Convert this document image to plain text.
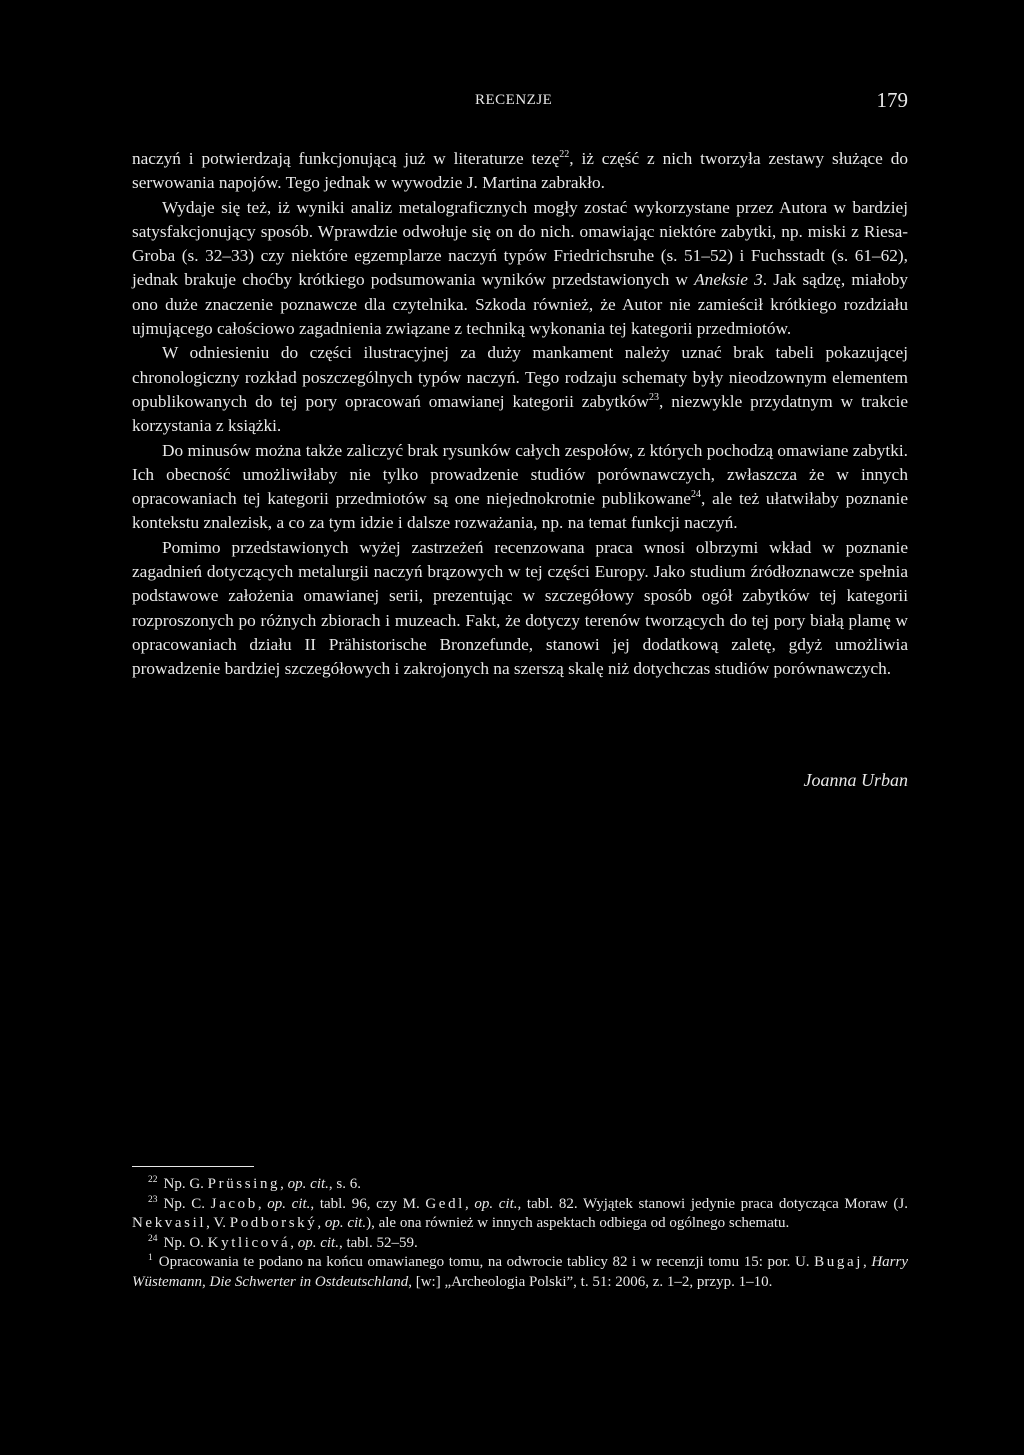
RECENZJE	179

naczyń i potwierdzają funkcjonującą już w literaturze tezę$^{22}$, iż część z nich tworzyła zestawy służące do serwowania napojów. Tego jednak w wywodzie J. Martina zabrakło.

Wydaje się też, iż wyniki analiz metalograficznych mogły zostać wykorzystane przez Autora w bardziej satysfakcjonujący sposób. Wprawdzie odwołuje się on do nich. omawiając niektóre zabytki, np. miski z Riesa-Groba (s. 32–33) czy niektóre egzemplarze naczyń typów Friedrichsruhe (s. 51–52) i Fuchsstadt (s. 61–62), jednak brakuje choćby krótkiego podsumowania wyników przedstawionych w Aneksie 3. Jak sądzę, miałoby ono duże znaczenie poznawcze dla czytelnika. Szkoda również, że Autor nie zamieścił krótkiego rozdziału ujmującego całościowo zagadnienia związane z techniką wykonania tej kategorii przedmiotów.

W odniesieniu do części ilustracyjnej za duży mankament należy uznać brak tabeli pokazującej chronologiczny rozkład poszczególnych typów naczyń. Tego rodzaju schematy były nieodzownym elementem opublikowanych do tej pory opracowań omawianej kategorii zabytków$^{23}$, niezwykle przydatnym w trakcie korzystania z książki.

Do minusów można także zaliczyć brak rysunków całych zespołów, z których pochodzą omawiane zabytki. Ich obecność umożliwiłaby nie tylko prowadzenie studiów porównawczych, zwłaszcza że w innych opracowaniach tej kategorii przedmiotów są one niejednokrotnie publikowane$^{24}$, ale też ułatwiłaby poznanie kontekstu znalezisk, a co za tym idzie i dalsze rozważania, np. na temat funkcji naczyń.

Pomimo przedstawionych wyżej zastrzeżeń recenzowana praca wnosi olbrzymi wkład w poznanie zagadnień dotyczących metalurgii naczyń brązowych w tej części Europy. Jako studium źródłoznawcze spełnia podstawowe założenia omawianej serii, prezentując w szczegółowy sposób ogół zabytków tej kategorii rozproszonych po różnych zbiorach i muzeach. Fakt, że dotyczy terenów tworzących do tej pory białą plamę w opracowaniach działu II Prähistorische Bronzefunde, stanowi jej dodatkową zaletę, gdyż umożliwia prowadzenie bardziej szczegółowych i zakrojonych na szerszą skalę niż dotychczas studiów porównawczych.

Joanna Urban

$^{22}$ Np. G. Prüssing, op. cit., s. 6.

$^{23}$ Np. C. Jacob, op. cit., tabl. 96, czy M. Gedl, op. cit., tabl. 82. Wyjątek stanowi jedynie praca dotycząca Moraw (J. Nekvasil, V. Podborský, op. cit.), ale ona również w innych aspektach odbiega od ogólnego schematu.

$^{24}$ Np. O. Kytlicová, op. cit., tabl. 52–59.

$^1$ Opracowania te podano na końcu omawianego tomu, na odwrocie tablicy 82 i w recenzji tomu 15: por. U. Bugaj, Harry Wüstemann, Die Schwerter in Ostdeutschland, [w:] „Archeologia Polski”, t. 51: 2006, z. 1–2, przyp. 1–10.
